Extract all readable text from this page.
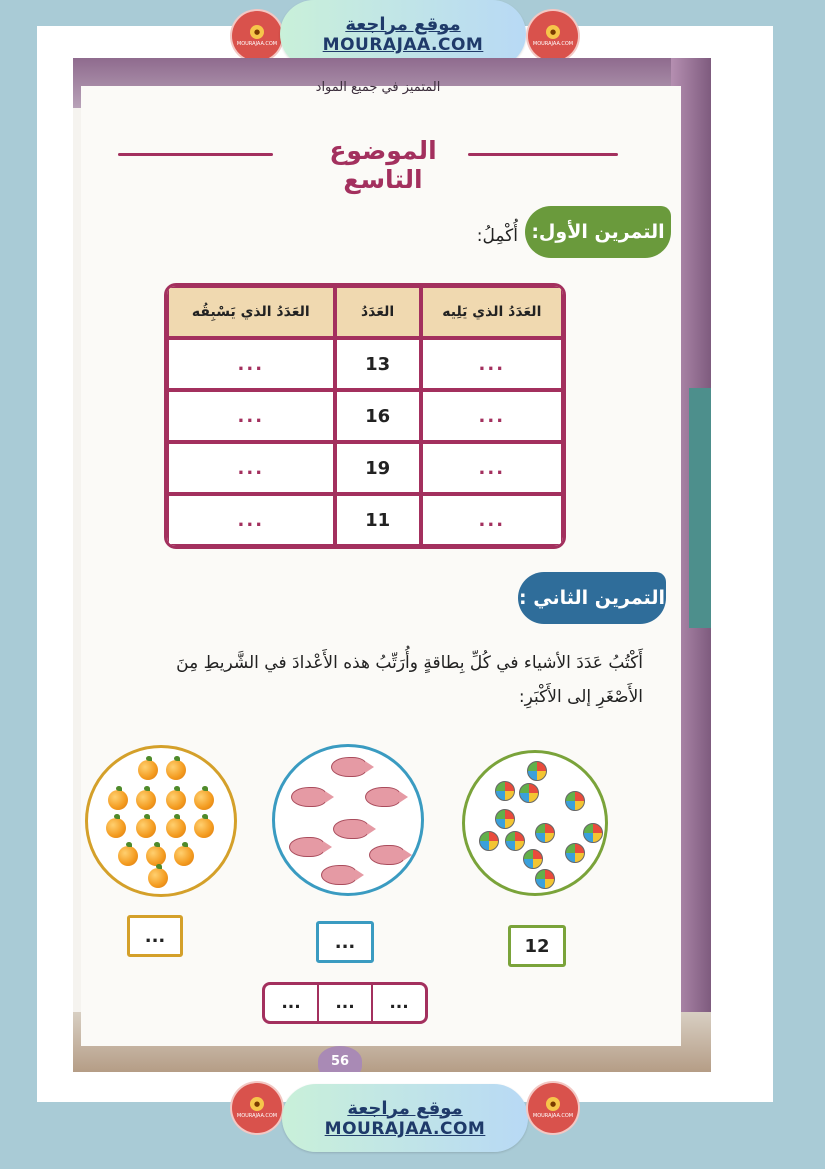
●
MOURAJAA.COM
موقع مراجعة
MOURAJAA.COM
●
MOURAJAA.COM
المتميز في جميع المواد
الموضوع التاسع
التمرين الأول:
أُكْمِلُ:
العَدَدُ الذي يَلِيه	العَدَدُ	العَدَدُ الذي يَسْبِقُه
...	13	...
...	16	...
...	19	...
...	11	...
التمرين الثاني :
أَكْتُبُ عَدَدَ الأشياء في كُلِّ بِطاقةٍ وأُرَتِّبُ هذه الأَعْدادَ في الشَّريطِ مِنَ
الأَصْغَرِ إلى الأَكْبَرِ:
...	...	12
...
...
...
56
●
MOURAJAA.COM	موقع مراجعة
MOURAJAA.COM
●
MOURAJAA.COM
